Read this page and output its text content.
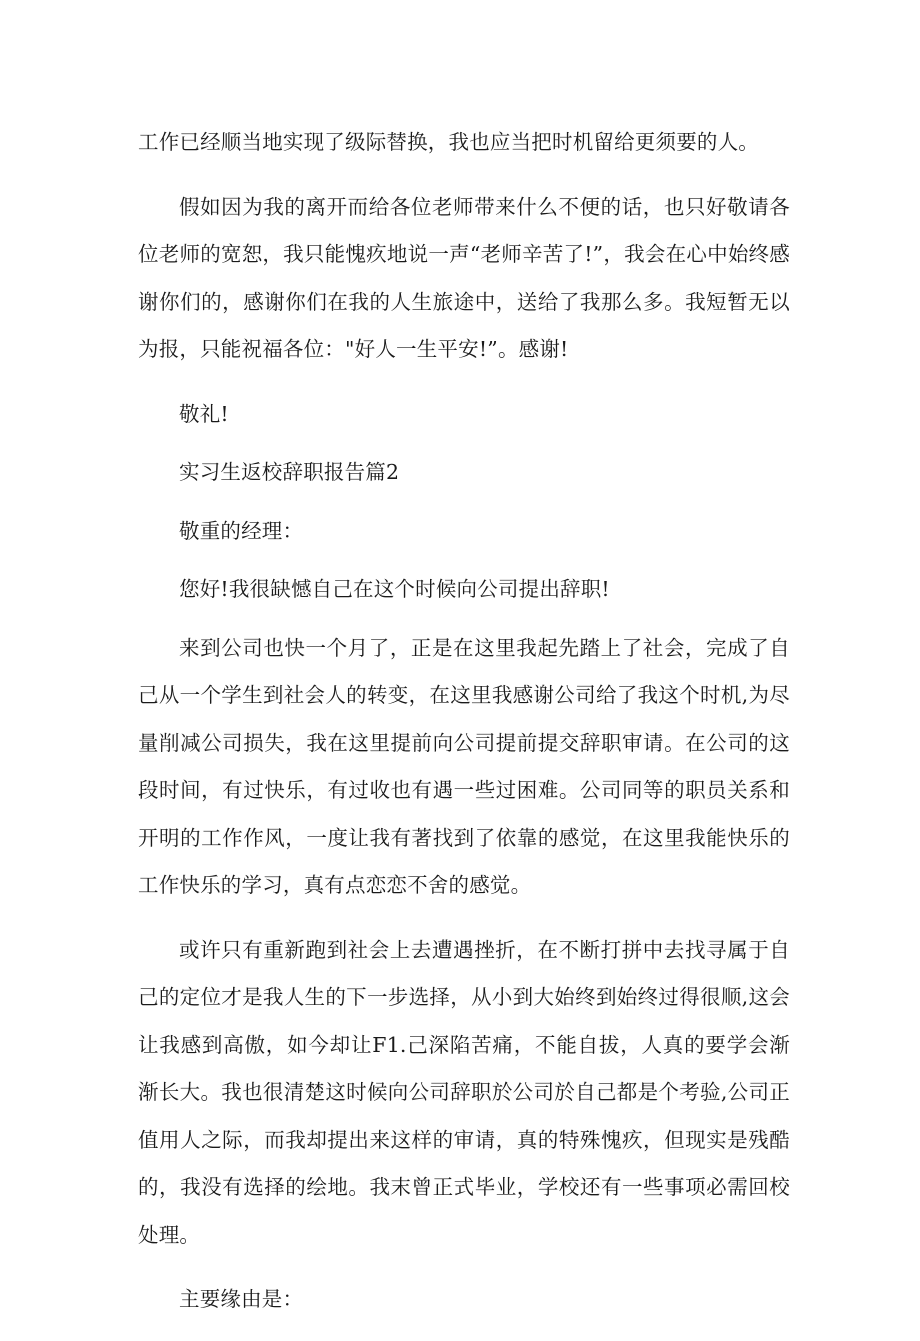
工作已经顺当地实现了级际替换，我也应当把时机留给更须要的人。

假如因为我的离开而给各位老师带来什么不便的话，也只好敬请各位老师的宽恕，我只能愧疚地说一声“老师辛苦了!”，我会在心中始终感谢你们的，感谢你们在我的人生旅途中，送给了我那么多。我短暂无以为报，只能祝福各位："好人一生平安!”。感谢!

敬礼!

实习生返校辞职报告篇2

敬重的经理：

您好!我很缺憾自己在这个时候向公司提出辞职!

来到公司也快一个月了，正是在这里我起先踏上了社会，完成了自己从一个学生到社会人的转变，在这里我感谢公司给了我这个时机,为尽量削减公司损失，我在这里提前向公司提前提交辞职审请。在公司的这段时间，有过快乐，有过收也有遇一些过困难。公司同等的职员关系和开明的工作作风，一度让我有著找到了依靠的感觉，在这里我能快乐的工作快乐的学习，真有点恋恋不舍的感觉。

或许只有重新跑到社会上去遭遇挫折，在不断打拼中去找寻属于自己的定位才是我人生的下一步选择，从小到大始终到始终过得很顺,这会让我感到高傲，如今却让F1.己深陷苦痛，不能自拔，人真的要学会渐渐长大。我也很清楚这时候向公司辞职於公司於自己都是个考验,公司正值用人之际，而我却提出来这样的审请，真的特殊愧疚，但现实是残酷的，我没有选择的绘地。我末曾正式毕业，学校还有一些事项必需回校处理。

主要缘由是：
